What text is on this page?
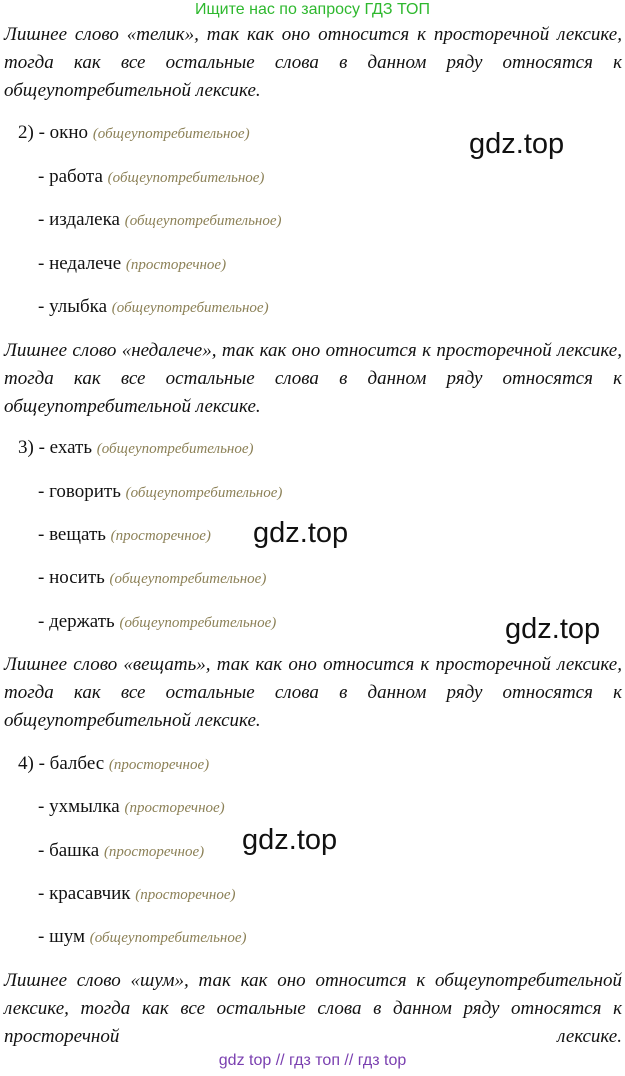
Ищите нас по запросу ГДЗ ТОП

Лишнее слово «телик», так как оно относится к просторечной лексике, тогда как все остальные слова в данном ряду относятся к общеупотребительной лексике.

2) - окно (общеупотребительное)
- работа (общеупотребительное)
- издалека (общеупотребительное)
- недалече (просторечное)
- улыбка (общеупотребительное)

Лишнее слово «недалече», так как оно относится к просторечной лексике, тогда как все остальные слова в данном ряду относятся к общеупотребительной лексике.

3) - ехать (общеупотребительное)
- говорить (общеупотребительное)
- вещать (просторечное)
- носить (общеупотребительное)
- держать (общеупотребительное)

Лишнее слово «вещать», так как оно относится к просторечной лексике, тогда как все остальные слова в данном ряду относятся к общеупотребительной лексике.

4) - балбес (просторечное)
- ухмылка (просторечное)
- башка (просторечное)
- красавчик (просторечное)
- шум (общеупотребительное)

Лишнее слово «шум», так как оно относится к общеупотребительной лексике, тогда как все остальные слова в данном ряду относятся к просторечной лексике.

gdz.top
gdz.top
gdz.top
gdz.top
gdz top // гдз топ // гдз top
